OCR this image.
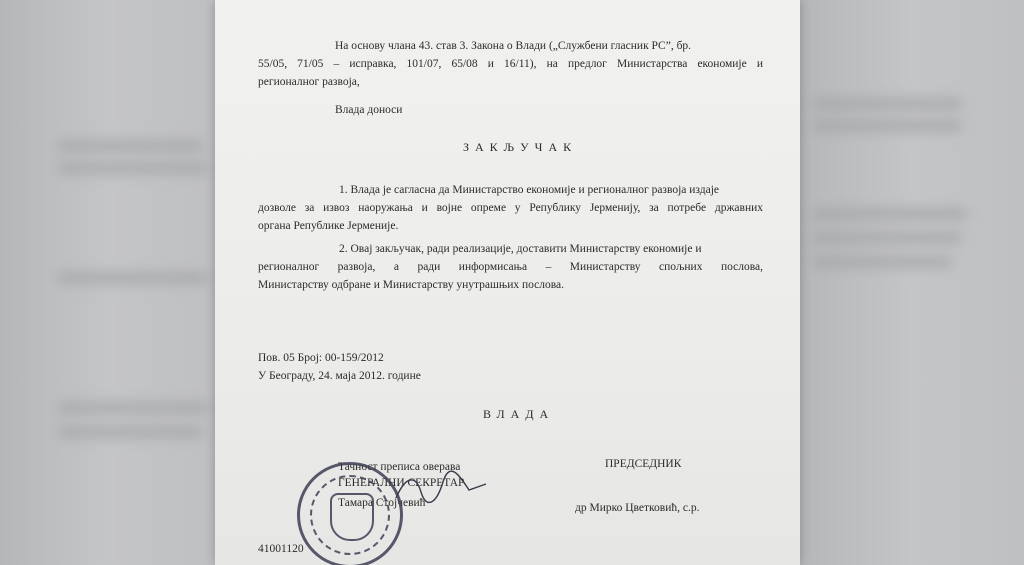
На основу члана 43. став 3. Закона о Влади („Службени гласник РС”, бр.
55/05, 71/05 – исправка, 101/07, 65/08 и 16/11), на предлог Министарства економије и
регионалног развоја,
Влада доноси
ЗАКЉУЧАК
1. Влада је сагласна да Министарство економије и регионалног развоја издаје
дозволе за извоз наоружања и војне опреме у Републику Јерменију, за потребе државних
органа Републике Јерменије.
2. Овај закључак, ради реализације, доставити Министарству економије и
регионалног развоја, а ради информисања – Министарству спољних послова,
Министарству одбране и Министарству унутрашњих послова.
Пов. 05 Број: 00-159/2012
У Београду, 24. маја 2012. године
ВЛАДА
Тачност преписа оверава
ГЕНЕРАЛНИ СЕКРЕТАР
Тамара Стојчевић
ПРЕДСЕДНИК
др Мирко Цветковић, с.р.
41001120
